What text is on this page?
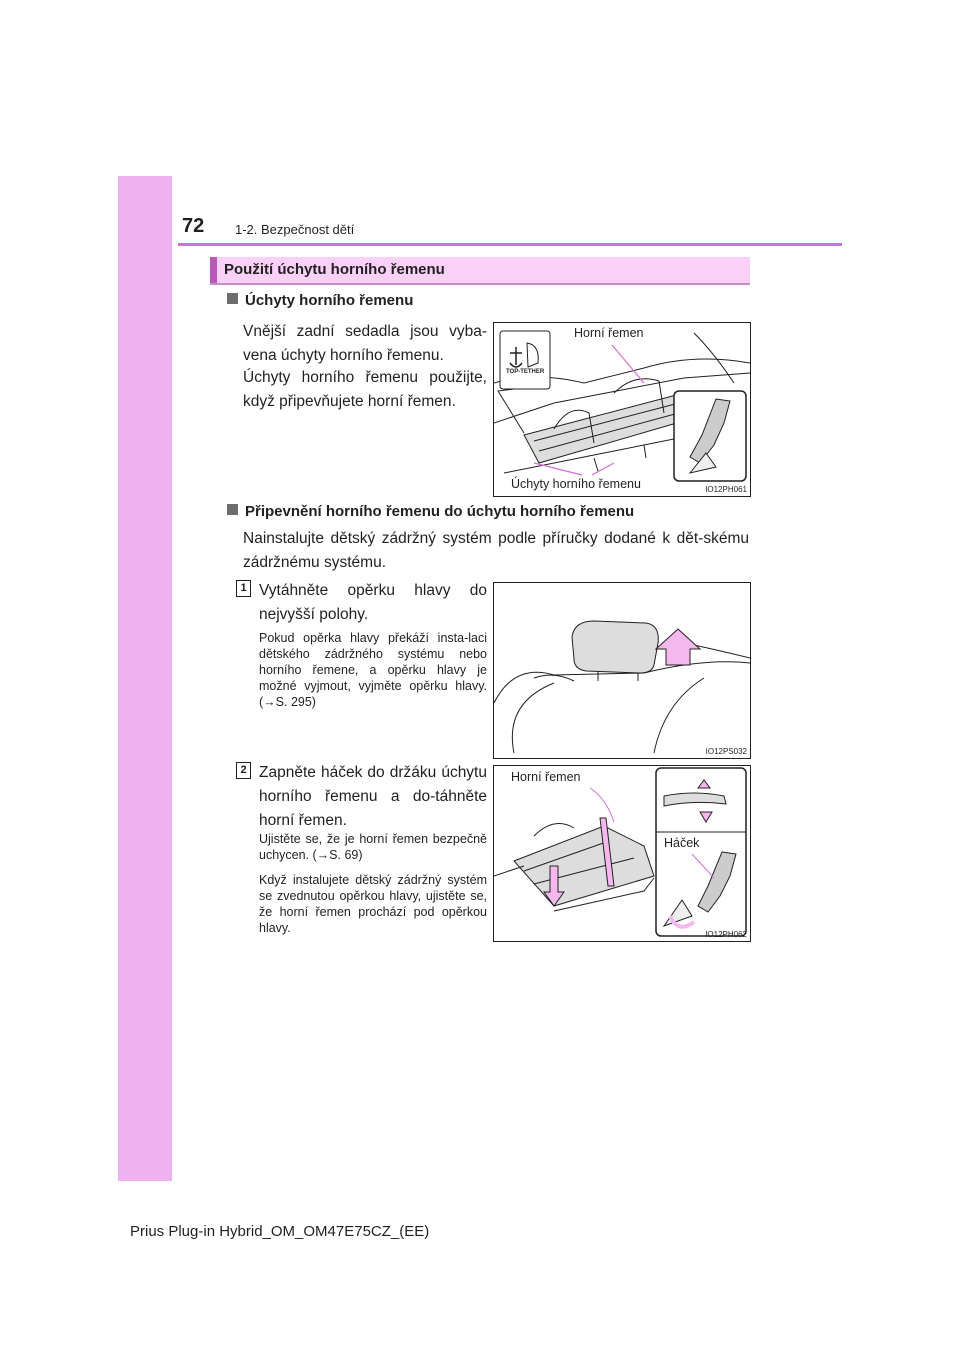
72 1-2. Bezpečnost dětí
Použití úchytu horního řemenu
Úchyty horního řemenu
Vnější zadní sedadla jsou vyba-vena úchyty horního řemenu.
Úchyty horního řemenu použijte, když připevňujete horní řemen.
Horní řemen
Úchyty horního řemenu
TOP-TETHER
IO12PH061
Připevnění horního řemenu do úchytu horního řemenu
Nainstalujte dětský zádržný systém podle příručky dodané k dět-skému zádržnému systému.
1 Vytáhněte opěrku hlavy do nejvyšší polohy.
Pokud opěrka hlavy překáží insta-laci dětského zádržného systému nebo horního řemene, a opěrku hlavy je možné vyjmout, vyjměte opěrku hlavy. (→S. 295)
IO12PS032
2 Zapněte háček do držáku úchytu horního řemenu a do-táhněte horní řemen.
Ujistěte se, že je horní řemen bezpečně uchycen. (→S. 69)
Když instalujete dětský zádržný systém se zvednutou opěrkou hlavy, ujistěte se, že horní řemen prochází pod opěrkou hlavy.
Horní řemen
Háček
IO12PH062
Prius Plug-in Hybrid_OM_OM47E75CZ_(EE)
